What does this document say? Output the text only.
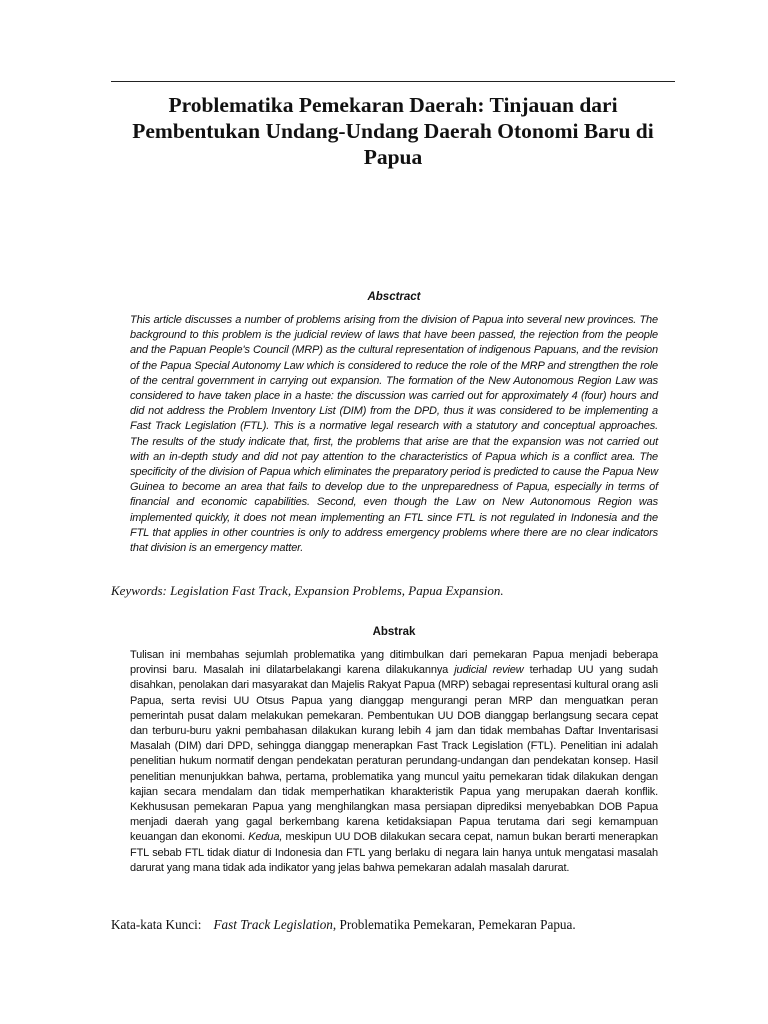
Problematika Pemekaran Daerah: Tinjauan dari Pembentukan Undang-Undang Daerah Otonomi Baru di Papua
Absctract

This article discusses a number of problems arising from the division of Papua into several new provinces. The background to this problem is the judicial review of laws that have been passed, the rejection from the people and the Papuan People's Council (MRP) as the cultural representation of indigenous Papuans, and the revision of the Papua Special Autonomy Law which is considered to reduce the role of the MRP and strengthen the role of the central government in carrying out expansion. The formation of the New Autonomous Region Law was considered to have taken place in a haste: the discussion was carried out for approximately 4 (four) hours and did not address the Problem Inventory List (DIM) from the DPD, thus it was considered to be implementing a Fast Track Legislation (FTL). This is a normative legal research with a statutory and conceptual approaches. The results of the study indicate that, first, the problems that arise are that the expansion was not carried out with an in-depth study and did not pay attention to the characteristics of Papua which is a conflict area. The specificity of the division of Papua which eliminates the preparatory period is predicted to cause the Papua New Guinea to become an area that fails to develop due to the unpreparedness of Papua, especially in terms of financial and economic capabilities. Second, even though the Law on New Autonomous Region was implemented quickly, it does not mean implementing an FTL since FTL is not regulated in Indonesia and the FTL that applies in other countries is only to address emergency problems where there are no clear indicators that division is an emergency matter.

Keywords: Legislation Fast Track, Expansion Problems, Papua Expansion.

Abstrak

Tulisan ini membahas sejumlah problematika yang ditimbulkan dari pemekaran Papua menjadi beberapa provinsi baru. Masalah ini dilatarbelakangi karena dilakukannya judicial review terhadap UU yang sudah disahkan, penolakan dari masyarakat dan Majelis Rakyat Papua (MRP) sebagai representasi kultural orang asli Papua, serta revisi UU Otsus Papua yang dianggap mengurangi peran MRP dan menguatkan peran pemerintah pusat dalam melakukan pemekaran. Pembentukan UU DOB dianggap berlangsung secara cepat dan terburu-buru yakni pembahasan dilakukan kurang lebih 4 jam dan tidak membahas Daftar Inventarisasi Masalah (DIM) dari DPD, sehingga dianggap menerapkan Fast Track Legislation (FTL). Penelitian ini adalah penelitian hukum normatif dengan pendekatan peraturan perundang-undangan dan pendekatan konsep. Hasil penelitian menunjukkan bahwa, pertama, problematika yang muncul yaitu pemekaran tidak dilakukan dengan kajian secara mendalam dan tidak memperhatikan kharakteristik Papua yang merupakan daerah konflik. Kekhususan pemekaran Papua yang menghilangkan masa persiapan diprediksi menyebabkan DOB Papua menjadi daerah yang gagal berkembang karena ketidaksiapan Papua terutama dari segi kemampuan keuangan dan ekonomi. Kedua, meskipun UU DOB dilakukan secara cepat, namun bukan berarti menerapkan FTL sebab FTL tidak diatur di Indonesia dan FTL yang berlaku di negara lain hanya untuk mengatasi masalah darurat yang mana tidak ada indikator yang jelas bahwa pemekaran adalah masalah darurat.

Kata-kata Kunci: Fast Track Legislation, Problematika Pemekaran, Pemekaran Papua.
